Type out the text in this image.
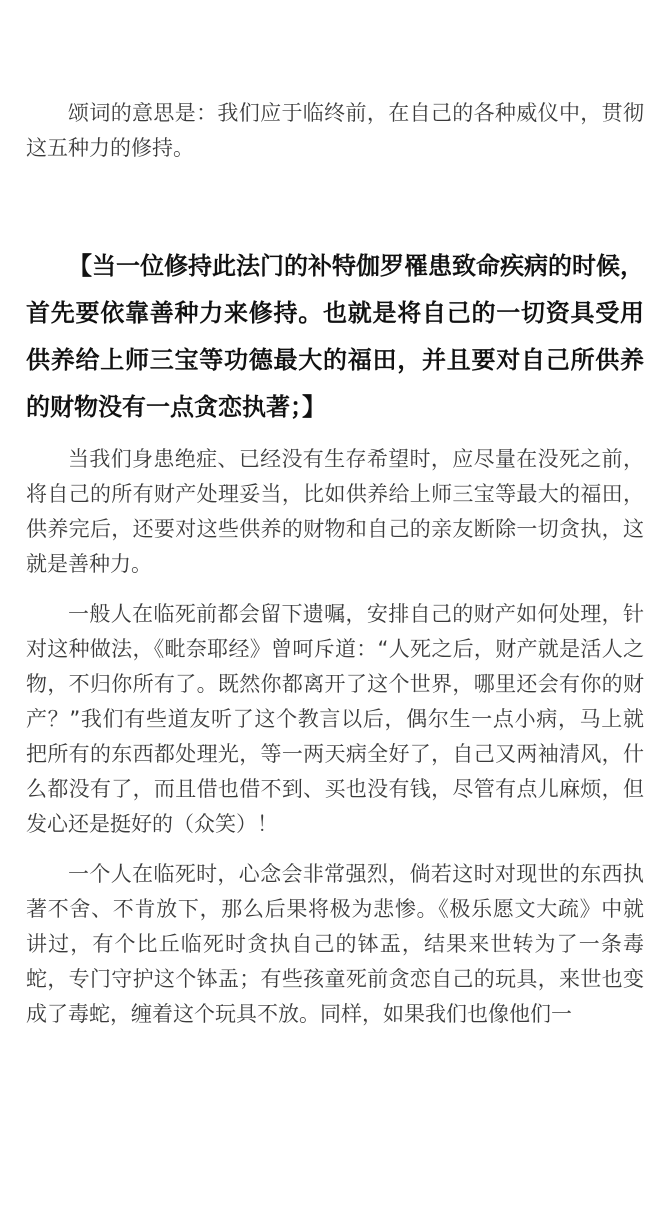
颂词的意思是：我们应于临终前，在自己的各种威仪中，贯彻这五种力的修持。

【当一位修持此法门的补特伽罗罹患致命疾病的时候，首先要依靠善种力来修持。也就是将自己的一切资具受用供养给上师三宝等功德最大的福田，并且要对自己所供养的财物没有一点贪恋执著；】

当我们身患绝症、已经没有生存希望时，应尽量在没死之前，将自己的所有财产处理妥当，比如供养给上师三宝等最大的福田，供养完后，还要对这些供养的财物和自己的亲友断除一切贪执，这就是善种力。

一般人在临死前都会留下遗嘱，安排自己的财产如何处理，针对这种做法，《毗奈耶经》曾呵斥道：“人死之后，财产就是活人之物，不归你所有了。既然你都离开了这个世界，哪里还会有你的财产？”我们有些道友听了这个教言以后，偶尔生一点小病，马上就把所有的东西都处理光，等一两天病全好了，自己又两袖清风，什么都没有了，而且借也借不到、买也没有钱，尽管有点儿麻烦，但发心还是挺好的（众笑）！

一个人在临死时，心念会非常强烈，倘若这时对现世的东西执著不舍、不肯放下，那么后果将极为悲惨。《极乐愿文大疏》中就讲过，有个比丘临死时贪执自己的钵盂，结果来世转为了一条毒蛇，专门守护这个钵盂；有些孩童死前贪恋自己的玩具，来世也变成了毒蛇，缠着这个玩具不放。同样，如果我们也像他们一
